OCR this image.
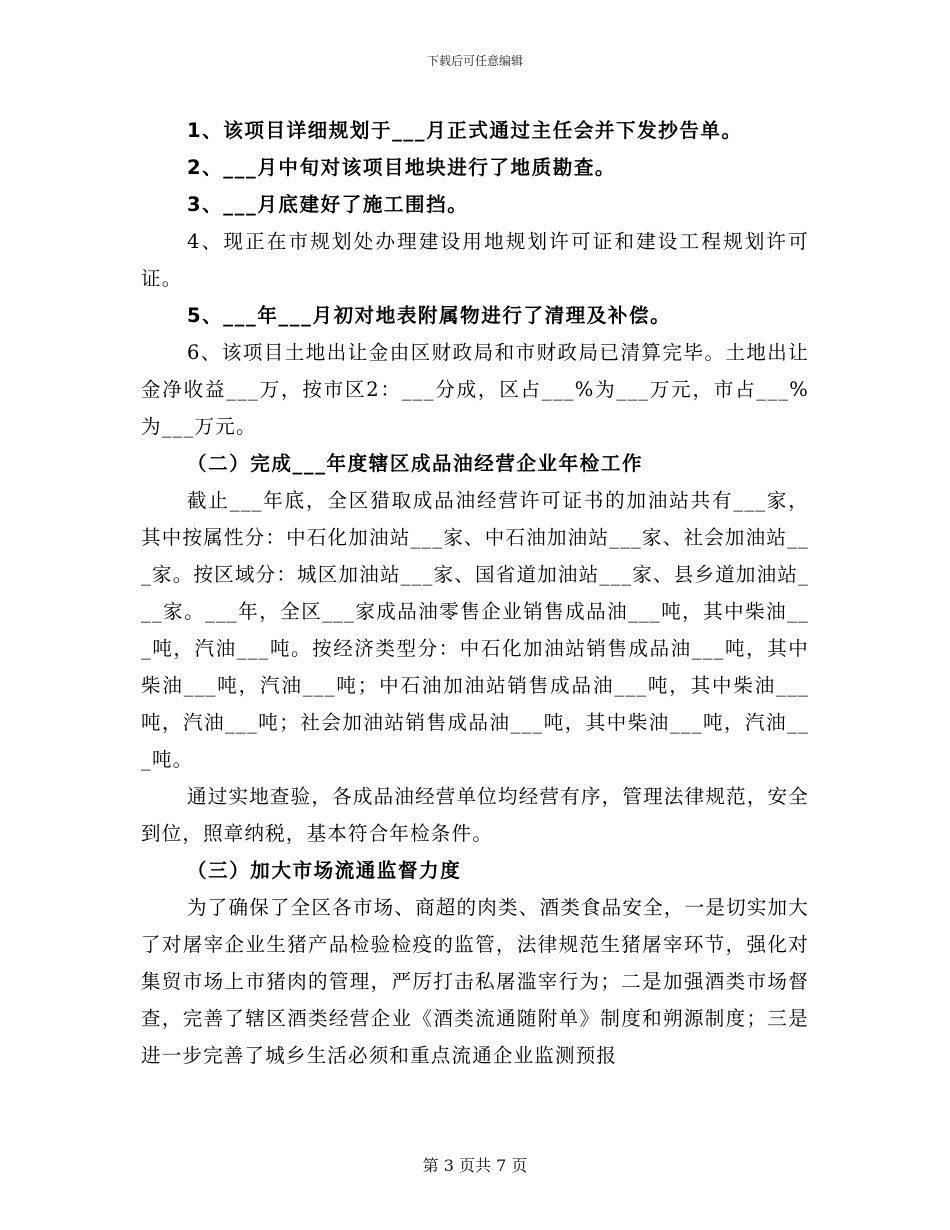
下载后可任意编辑

1、该项目详细规划于___月正式通过主任会并下发抄告单。

2、___月中旬对该项目地块进行了地质勘查。

3、___月底建好了施工围挡。

4、现正在市规划处办理建设用地规划许可证和建设工程规划许可证。

5、___年___月初对地表附属物进行了清理及补偿。

6、该项目土地出让金由区财政局和市财政局已清算完毕。土地出让金净收益___万，按市区2：___分成，区占___%为___万元，市占___%为___万元。

（二）完成___年度辖区成品油经营企业年检工作

截止___年底，全区猎取成品油经营许可证书的加油站共有___家，其中按属性分：中石化加油站___家、中石油加油站___家、社会加油站___家。按区域分：城区加油站___家、国省道加油站___家、县乡道加油站___家。___年，全区___家成品油零售企业销售成品油___吨，其中柴油___吨，汽油___吨。按经济类型分：中石化加油站销售成品油___吨，其中柴油___吨，汽油___吨；中石油加油站销售成品油___吨，其中柴油___吨，汽油___吨；社会加油站销售成品油___吨，其中柴油___吨，汽油___吨。

通过实地查验，各成品油经营单位均经营有序，管理法律规范，安全到位，照章纳税，基本符合年检条件。

（三）加大市场流通监督力度

为了确保了全区各市场、商超的肉类、酒类食品安全，一是切实加大了对屠宰企业生猪产品检验检疫的监管，法律规范生猪屠宰环节，强化对集贸市场上市猪肉的管理，严厉打击私屠滥宰行为；二是加强酒类市场督查，完善了辖区酒类经营企业《酒类流通随附单》制度和朔源制度；三是进一步完善了城乡生活必须和重点流通企业监测预报

第 3 页共 7 页
